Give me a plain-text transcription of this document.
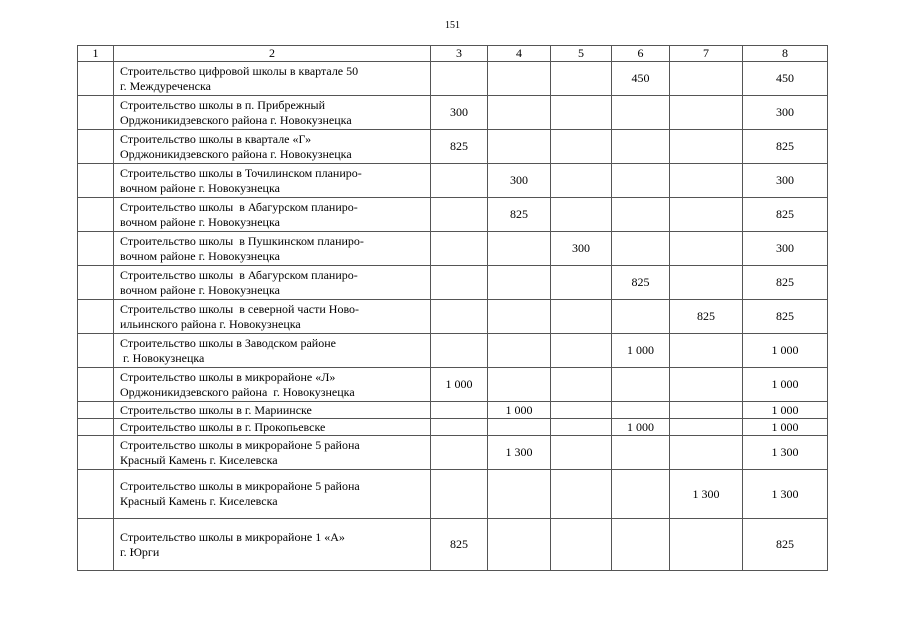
151
1	2	3	4	5	6	7	8

	Строительство цифровой школы в квартале 50
г. Междуреченска				450		450

	Строительство школы в п. Прибрежный
Орджоникидзевского района г. Новокузнецка	300					300

	Строительство школы в квартале «Г»
Орджоникидзевского района г. Новокузнецка	825					825

	Строительство школы в Точилинском планиро-
вочном районе г. Новокузнецка		300				300

	Строительство школы  в Абагурском планиро-
вочном районе г. Новокузнецка		825				825

	Строительство школы  в Пушкинском планиро-
вочном районе г. Новокузнецка			300			300

	Строительство школы  в Абагурском планиро-
вочном районе г. Новокузнецка				825		825

	Строительство школы  в северной части Ново-
ильинского района г. Новокузнецка					825	825

	Строительство школы в Заводском районе
г. Новокузнецка				1 000		1 000

	Строительство школы в микрорайоне «Л»
Орджоникидзевского района  г. Новокузнецка	1 000					1 000

	Строительство школы в г. Мариинске		1 000				1 000

	Строительство школы в г. Прокопьевске				1 000		1 000

	Строительство школы в микрорайоне 5 района
Красный Камень г. Киселевска		1 300				1 300

	Строительство школы в микрорайоне 5 района
Красный Камень г. Киселевска					1 300	1 300

	Строительство школы в микрорайоне 1 «А»
г. Юрги	825					825
